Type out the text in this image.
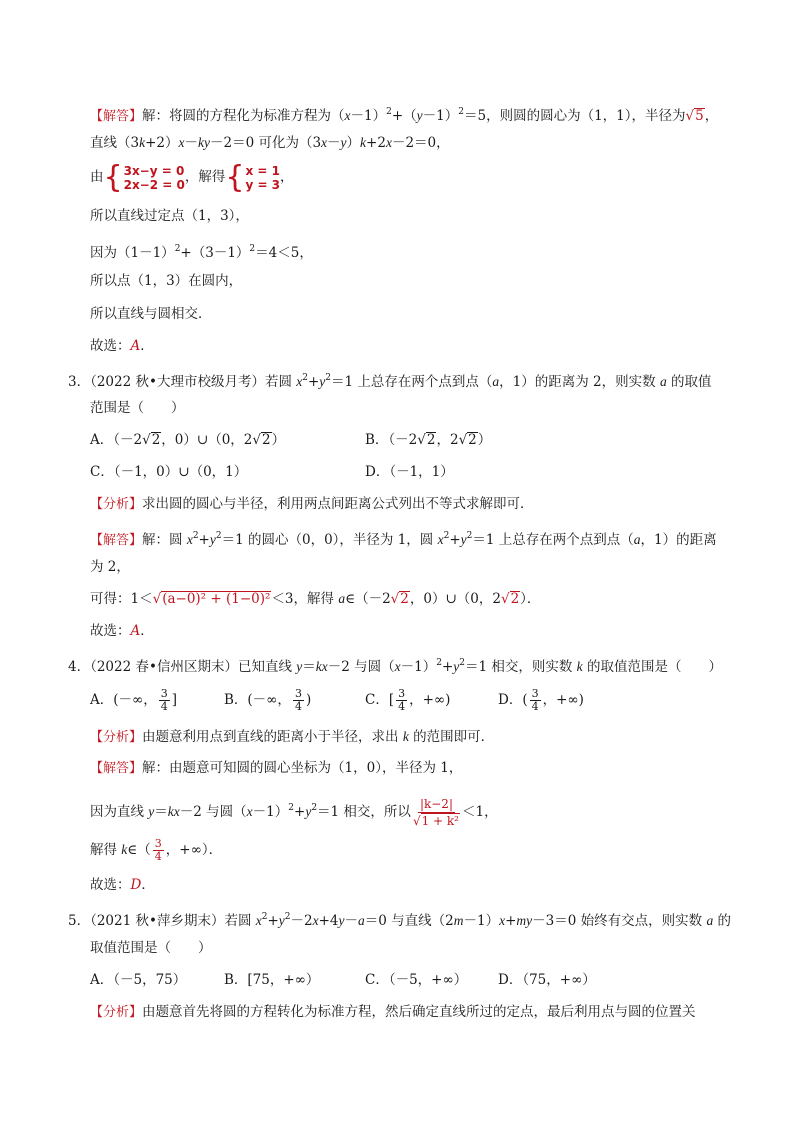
【解答】解：将圆的方程化为标准方程为$(x-1)^2+(y-1)^2=5$，则圆的圆心为（1，1），半径为√5，
直线（3k+2）x－ky－2＝0 可化为（3x－y）k+2x－2＝0，
由 { 3x−y = 0
2x−2 = 0 ，解得 { x = 1
y = 3 ，
所以直线过定点（1，3），
因为$(1-1)^2+(3-1)^2=4<5$，
所以点（1，3）在圆内，
所以直线与圆相交．
故选：A．
3．（2022 秋•大理市校级月考）若圆 $x^2+y^2=1$ 上总存在两个点到点（a，1）的距离为 2，则实数 a 的取值
范围是（　　）
A．（－2√2，0）∪（0，2√2）	B．（－2√2，2√2）
C．（－1，0）∪（0，1）	D．（－1，1）
【分析】求出圆的圆心与半径，利用两点间距离公式列出不等式求解即可．
【解答】解：圆 $x^2+y^2=1$ 的圆心（0，0），半径为 1，圆 $x^2+y^2=1$ 上总存在两个点到点（a，1）的距离
为 2，
可得：1＜√(a−0)² + (1−0)²＜3，解得 a∈（－2√2，0）∪（0，2√2）．
故选：A．
4．（2022 春•信州区期末）已知直线 y＝kx－2 与圆$(x-1)^2+y^2=1$ 相交，则实数 k 的取值范围是（　　）
A．(－∞， $\frac{3}{4}$ ]	B．(－∞， $\frac{3}{4}$ )	C．[ $\frac{3}{4}$ ，+∞)	D．( $\frac{3}{4}$ ，+∞)
【分析】由题意利用点到直线的距离小于半径，求出 k 的范围即可．
【解答】解：由题意可知圆的圆心坐标为（1，0），半径为 1，
因为直线 y＝kx－2 与圆$(x-1)^2+y^2=1$ 相交，所以 $\frac{|k-2|}{\text{√1 + k²}} <1$，
解得 k∈（ $\frac{3}{4}$ ，+∞）．
故选：D．
5．（2021 秋•萍乡期末）若圆 $x^2+y^2-2x+4y-a=0$ 与直线（2m－1）x+my－3＝0 始终有交点，则实数 a 的
取值范围是（　　）
A．（－5，75）	B．[75，+∞）	C．（－5，+∞） D．（75，+∞）
【分析】由题意首先将圆的方程转化为标准方程，然后确定直线所过的定点，最后利用点与圆的位置关
